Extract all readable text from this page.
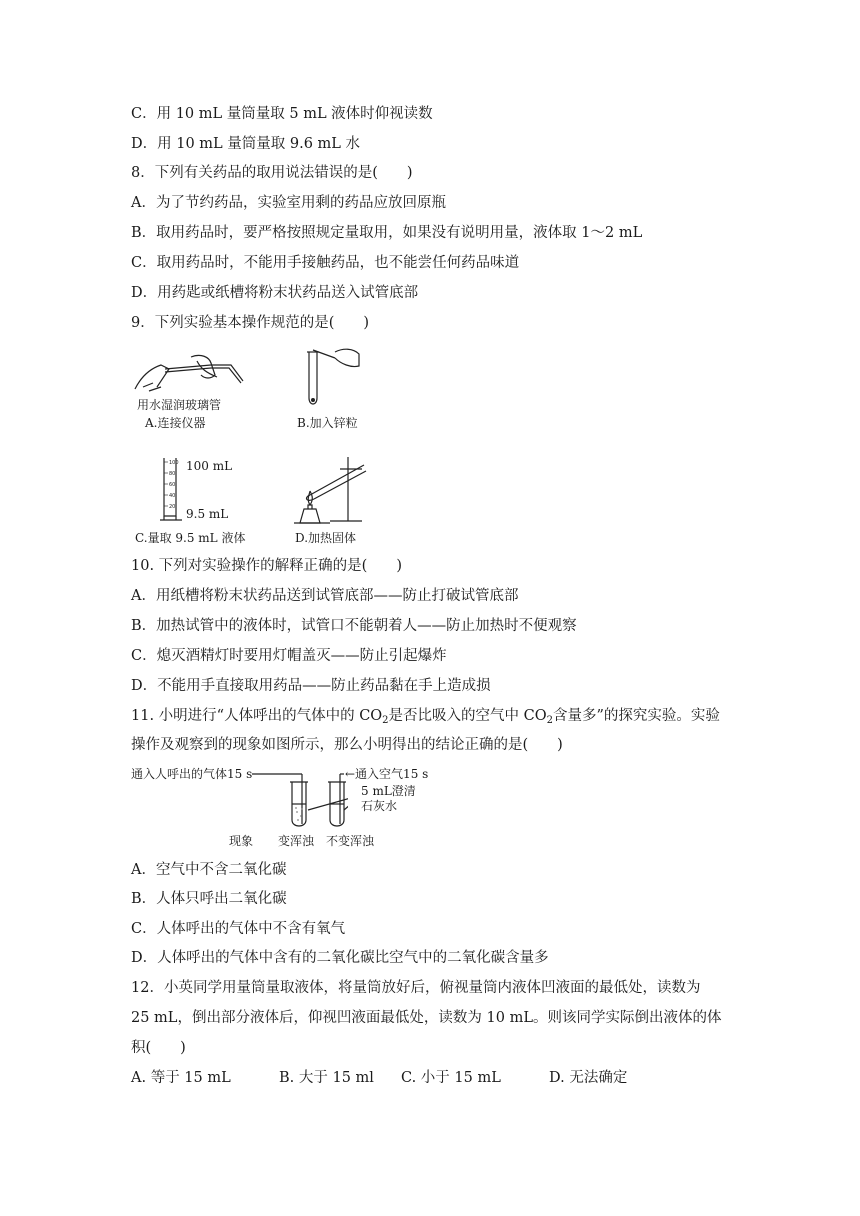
C．用 10 mL 量筒量取 5 mL 液体时仰视读数
D．用 10 mL 量筒量取 9.6 mL 水
8．下列有关药品的取用说法错误的是(　　)
A．为了节约药品，实验室用剩的药品应放回原瓶
B．取用药品时，要严格按照规定量取用，如果没有说明用量，液体取 1～2 mL
C．取用药品时，不能用手接触药品，也不能尝任何药品味道
D．用药匙或纸槽将粉末状药品送入试管底部
9．下列实验基本操作规范的是(　　)
用水湿润玻璃管
A.连接仪器	B.加入锌粒
100
80
60
40
20
100 mL
9.5 mL
C.量取 9.5 mL 液体	D.加热固体
10. 下列对实验操作的解释正确的是(　　)
A．用纸槽将粉末状药品送到试管底部——防止打破试管底部
B．加热试管中的液体时，试管口不能朝着人——防止加热时不便观察
C．熄灭酒精灯时要用灯帽盖灭——防止引起爆炸
D．不能用手直接取用药品——防止药品黏在手上造成损
11. 小明进行“人体呼出的气体中的 $CO_2$是否比吸入的空气中 $CO_2$含量多”的探究实验。实验
操作及观察到的现象如图所示，那么小明得出的结论正确的是(　　)
通入人呼出的气体15 s	←通入空气15 s
5 mL澄清
石灰水
现象 变浑浊 不变浑浊
A．空气中不含二氧化碳
B．人体只呼出二氧化碳
C．人体呼出的气体中不含有氧气
D．人体呼出的气体中含有的二氧化碳比空气中的二氧化碳含量多
12．小英同学用量筒量取液体，将量筒放好后，俯视量筒内液体凹液面的最低处，读数为
25 mL，倒出部分液体后，仰视凹液面最低处，读数为 10 mL。则该同学实际倒出液体的体
积(　　)
A. 等于 15 mL	B. 大于 15 ml C. 小于 15 mL	D. 无法确定
